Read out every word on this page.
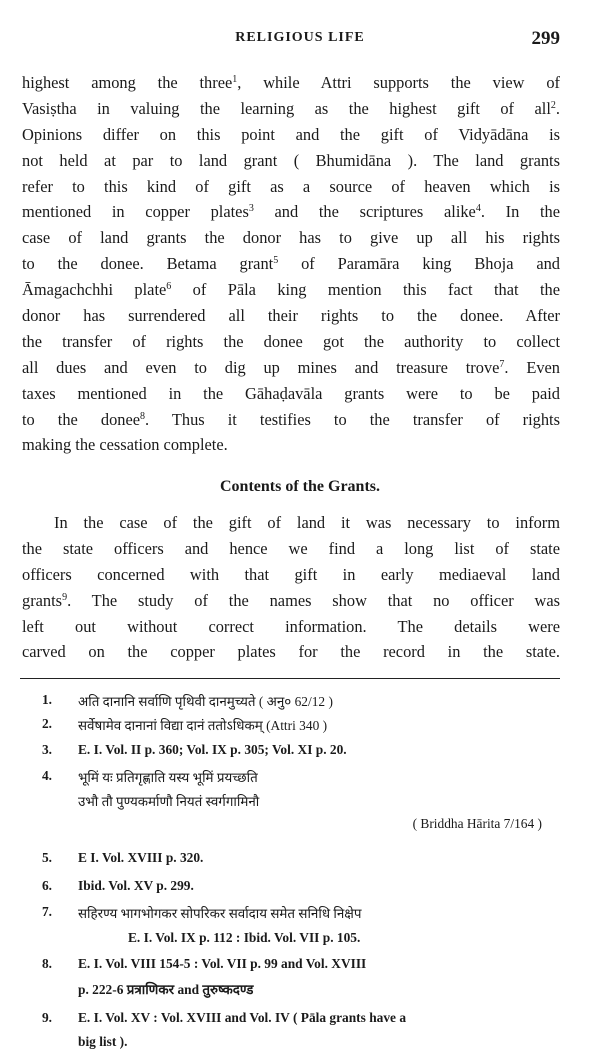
RELIGIOUS LIFE	299
highest among the three$^1$, while Attri supports the view of
Vasiṣtha in valuing the learning as the highest gift of all$^2$.
Opinions differ on this point and the gift of Vidyādāna is
not held at par to land grant ( Bhumidāna ). The land grants
refer to this kind of gift as a source of heaven which is
mentioned in copper plates$^3$ and the scriptures alike$^4$. In the
case of land grants the donor has to give up all his rights
to the donee. Betama grant$^5$ of Paramāra king Bhoja and
Āmagachchhi plate$^6$ of Pāla king mention this fact that the
donor has surrendered all their rights to the donee. After
the transfer of rights the donee got the authority to collect
all dues and even to dig up mines and treasure trove$^7$. Even
taxes mentioned in the Gāhaḍavāla grants were to be paid
to the donee$^8$. Thus it testifies to the transfer of rights
making the cessation complete.
Contents of the Grants.
In the case of the gift of land it was necessary to inform
the state officers and hence we find a long list of state
officers concerned with that gift in early mediaeval land
grants$^9$. The study of the names show that no officer was
left out without correct information. The details were
carved on the copper plates for the record in the state.
1. अति दानानि सर्वाणि पृथिवी दानमुच्यते ( अनु० 62/12 )
2. सर्वेषामेव दानानां विद्या दानं ततोऽधिकम् (Attri 340 )
3. E. I. Vol. II p. 360; Vol. IX p. 305; Vol. XI p. 20.
4. भूमिं यः प्रतिगृह्णाति यस्य भूमिं प्रयच्छति
उभौ तौ पुण्यकर्माणौ नियतं स्वर्गगामिनौ
( Briddha Hārita 7/164 )
5. E I. Vol. XVIII p. 320.
6. Ibid. Vol. XV p. 299.
7. सहिरण्य भागभोगकर सोपरिकर सर्वादाय समेत सनिधि निक्षेप
E. I. Vol. IX p. 112 : Ibid. Vol. VII p. 105.
8. E. I. Vol. VIII 154-5 : Vol. VII p. 99 and Vol. XVIII
p. 222-6 प्रत्राणिकर and तुरुष्कदण्ड
9. E. I. Vol. XV : Vol. XVIII and Vol. IV ( Pāla grants have a
big list ).
